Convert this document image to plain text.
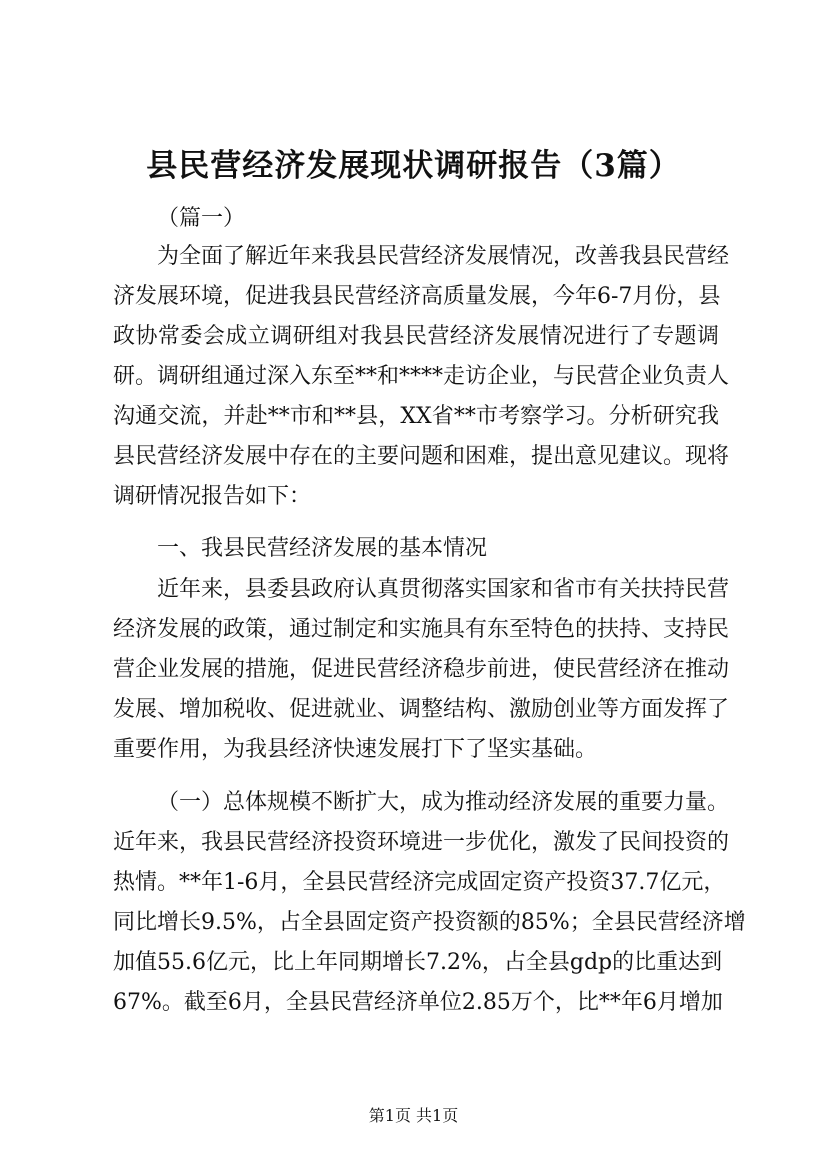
县民营经济发展现状调研报告（3篇）
（篇一）
为全面了解近年来我县民营经济发展情况，改善我县民营经
济发展环境，促进我县民营经济高质量发展，今年6-7月份，县
政协常委会成立调研组对我县民营经济发展情况进行了专题调
研。调研组通过深入东至**和****走访企业，与民营企业负责人
沟通交流，并赴**市和**县，XX省**市考察学习。分析研究我
县民营经济发展中存在的主要问题和困难，提出意见建议。现将
调研情况报告如下：
一、我县民营经济发展的基本情况
近年来，县委县政府认真贯彻落实国家和省市有关扶持民营
经济发展的政策，通过制定和实施具有东至特色的扶持、支持民
营企业发展的措施，促进民营经济稳步前进，使民营经济在推动
发展、增加税收、促进就业、调整结构、激励创业等方面发挥了
重要作用，为我县经济快速发展打下了坚实基础。
（一）总体规模不断扩大，成为推动经济发展的重要力量。
近年来，我县民营经济投资环境进一步优化，激发了民间投资的
热情。**年1-6月，全县民营经济完成固定资产投资37.7亿元，
同比增长9.5%，占全县固定资产投资额的85%；全县民营经济增
加值55.6亿元，比上年同期增长7.2%，占全县gdp的比重达到
67%。截至6月，全县民营经济单位2.85万个，比**年6月增加
第1页 共1页
